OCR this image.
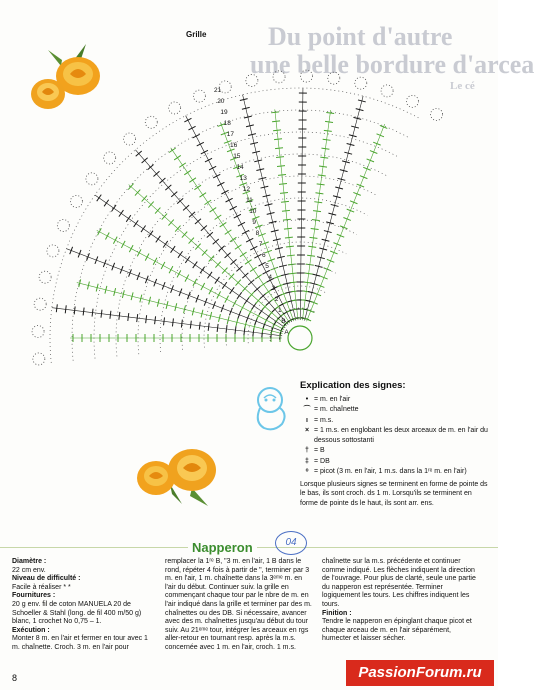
Du point d'autre
une belle bordure d'arcea
Le cé
Grille
21
20
19
18
17
16
15
14
13
12
11
10
9
8
7
6
5
4
3
2
1
B
A
Explication des signes:
• = m. en l'air
⌒ = m. chaînette
ı = m.s.
× = 1 m.s. en englobant les deux arceaux de m. en l'air du dessous sottostanti
† = B
‡ = DB
ᵒ = picot (3 m. en l'air, 1 m.s. dans la 1ʳᵉ m. en l'air)
Lorsque plusieurs signes se terminent en forme de pointe ds le bas, ils sont croch. ds 1 m. Lorsqu'ils se terminent en forme de pointe ds le haut, ils sont arr. ens.
Napperon	04
Diamètre :
22 cm env.
Niveau de difficulté :
Facile à réaliser * *
Fournitures :
20 g env. fil de coton MANUELA 20 de Schoeller & Stahl (long. de fil 400 m/50 g) blanc, 1 crochet No 0,75 – 1.
Exécution :
Monter 8 m. en l'air et fermer en tour avec 1 m. chaînette. Croch. 3 m. en l'air pour
remplacer la 1ʳᵉ B, "3 m. en l'air, 1 B dans le rond, répéter 4 fois à partir de ", terminer par 3 m. en l'air, 1 m. chaînette dans la 3ᵉᵐᵉ m. en l'air du début. Continuer suiv. la grille en commençant chaque tour par le nbre de m. en l'air indiqué dans la grille et terminer par des m. chaînettes ou des DB. Si nécessaire, avancer avec des m. chaînettes jusqu'au début du tour suiv. Au 21ᵉᵐᵉ tour, intégrer les arceaux en rgs aller-retour en tournant resp. après la m.s. concernée avec 1 m. en l'air, croch. 1 m.s.
chaînette sur la m.s. précédente et continuer comme indiqué. Les flèches indiquent la direction de l'ouvrage. Pour plus de clarté, seule une partie du napperon est représentée. Terminer logiquement les tours. Les chiffres indiquent les tours.
Finition :
Tendre le napperon en épinglant chaque picot et chaque arceau de m. en l'air séparément, humecter et laisser sécher.
8	PassionForum.ru
